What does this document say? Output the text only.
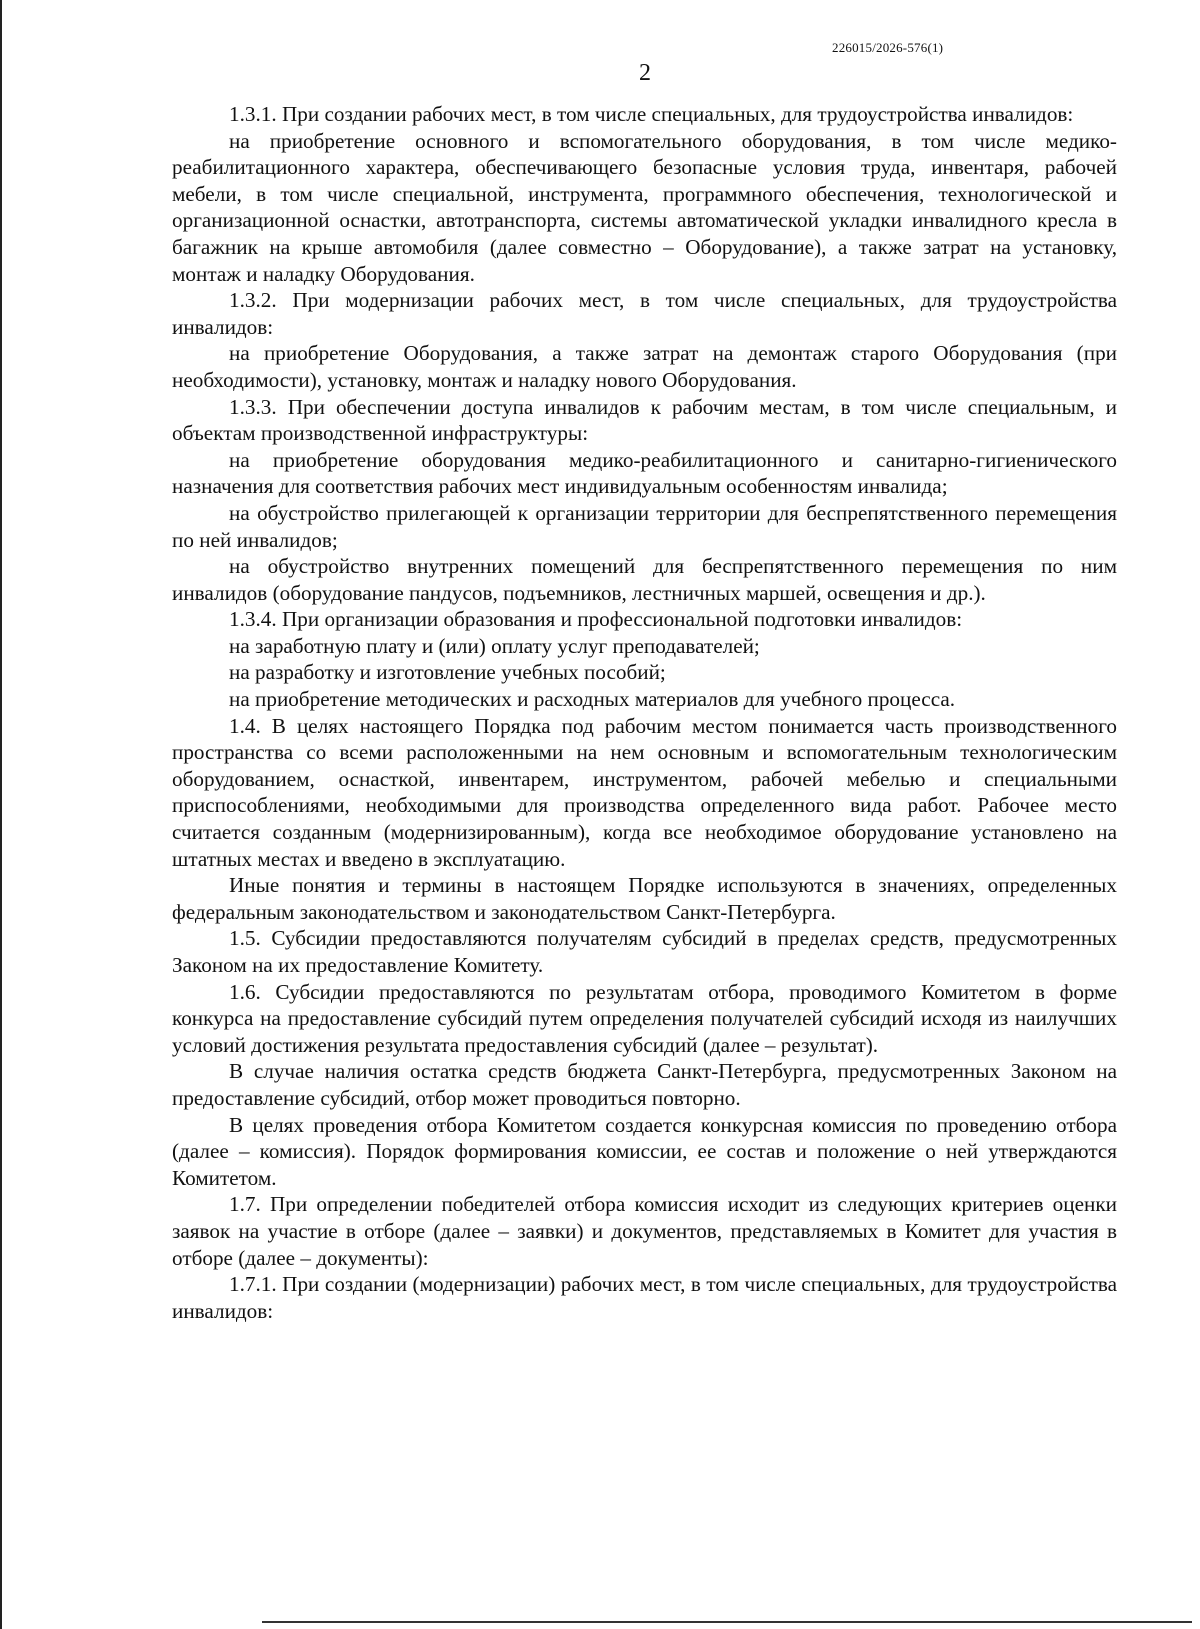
226015/2026-576(1)
2

1.3.1. При создании рабочих мест, в том числе специальных, для трудоустройства инвалидов:

на приобретение основного и вспомогательного оборудования, в том числе медико-реабилитационного характера, обеспечивающего безопасные условия труда, инвентаря, рабочей мебели, в том числе специальной, инструмента, программного обеспечения, технологической и организационной оснастки, автотранспорта, системы автоматической укладки инвалидного кресла в багажник на крыше автомобиля (далее совместно – Оборудование), а также затрат на установку, монтаж и наладку Оборудования.

1.3.2. При модернизации рабочих мест, в том числе специальных, для трудоустройства инвалидов:

на приобретение Оборудования, а также затрат на демонтаж старого Оборудования (при необходимости), установку, монтаж и наладку нового Оборудования.

1.3.3. При обеспечении доступа инвалидов к рабочим местам, в том числе специальным, и объектам производственной инфраструктуры:

на приобретение оборудования медико-реабилитационного и санитарно-гигиенического назначения для соответствия рабочих мест индивидуальным особенностям инвалида;

на обустройство прилегающей к организации территории для беспрепятственного перемещения по ней инвалидов;

на обустройство внутренних помещений для беспрепятственного перемещения по ним инвалидов (оборудование пандусов, подъемников, лестничных маршей, освещения и др.).

1.3.4. При организации образования и профессиональной подготовки инвалидов:

на заработную плату и (или) оплату услуг преподавателей;

на разработку и изготовление учебных пособий;

на приобретение методических и расходных материалов для учебного процесса.

1.4. В целях настоящего Порядка под рабочим местом понимается часть производственного пространства со всеми расположенными на нем основным и вспомогательным технологическим оборудованием, оснасткой, инвентарем, инструментом, рабочей мебелью и специальными приспособлениями, необходимыми для производства определенного вида работ. Рабочее место считается созданным (модернизированным), когда все необходимое оборудование установлено на штатных местах и введено в эксплуатацию.

Иные понятия и термины в настоящем Порядке используются в значениях, определенных федеральным законодательством и законодательством Санкт-Петербурга.

1.5. Субсидии предоставляются получателям субсидий в пределах средств, предусмотренных Законом на их предоставление Комитету.

1.6. Субсидии предоставляются по результатам отбора, проводимого Комитетом в форме конкурса на предоставление субсидий путем определения получателей субсидий исходя из наилучших условий достижения результата предоставления субсидий (далее – результат).

В случае наличия остатка средств бюджета Санкт-Петербурга, предусмотренных Законом на предоставление субсидий, отбор может проводиться повторно.

В целях проведения отбора Комитетом создается конкурсная комиссия по проведению отбора (далее – комиссия). Порядок формирования комиссии, ее состав и положение о ней утверждаются Комитетом.

1.7. При определении победителей отбора комиссия исходит из следующих критериев оценки заявок на участие в отборе (далее – заявки) и документов, представляемых в Комитет для участия в отборе (далее – документы):

1.7.1. При создании (модернизации) рабочих мест, в том числе специальных, для трудоустройства инвалидов:
